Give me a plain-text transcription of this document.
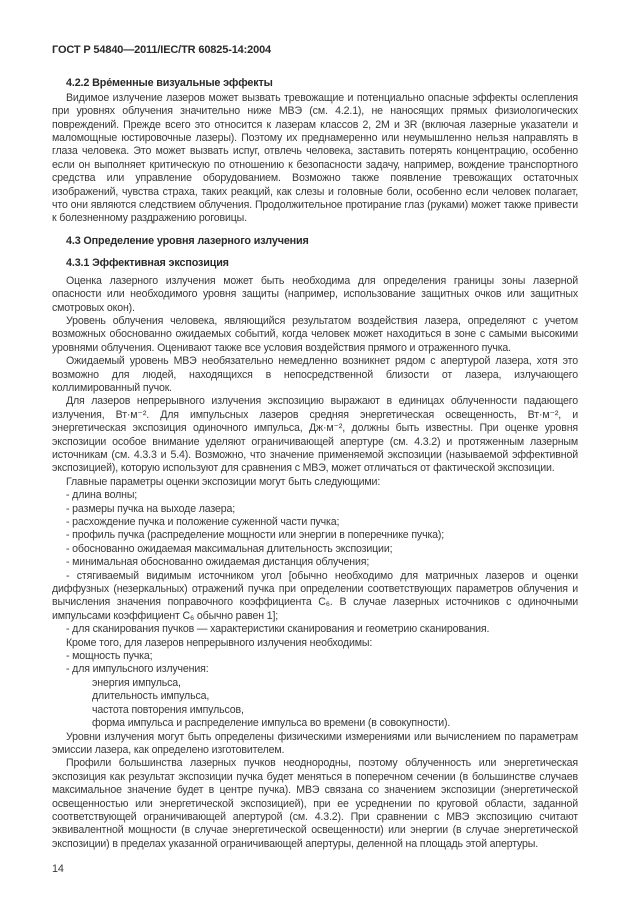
ГОСТ Р 54840—2011/IEC/TR 60825-14:2004
4.2.2 Вре́менные визуальные эффекты

Видимое излучение лазеров может вызвать тревожащие и потенциально опасные эффекты ослепления при уровнях облучения значительно ниже МВЭ (см. 4.2.1), не наносящих прямых физиологических повреждений. Прежде всего это относится к лазерам классов 2, 2М и 3R (включая лазерные указатели и маломощные юстировочные лазеры). Поэтому их преднамеренно или неумышленно нельзя направлять в глаза человека. Это может вызвать испуг, отвлечь человека, заставить потерять концентрацию, особенно если он выполняет критическую по отношению к безопасности задачу, например, вождение транспортного средства или управление оборудованием. Возможно также появление тревожащих остаточных изображений, чувства страха, таких реакций, как слезы и головные боли, особенно если человек полагает, что они являются следствием облучения. Продолжительное протирание глаз (руками) может также привести к болезненному раздражению роговицы.

4.3 Определение уровня лазерного излучения
4.3.1 Эффективная экспозиция

Оценка лазерного излучения может быть необходима для определения границы зоны лазерной опасности или необходимого уровня защиты (например, использование защитных очков или защитных смотровых окон).

Уровень облучения человека, являющийся результатом воздействия лазера, определяют с учетом возможных обоснованно ожидаемых событий, когда человек может находиться в зоне с самыми высокими уровнями облучения. Оценивают также все условия воздействия прямого и отраженного пучка.

Ожидаемый уровень МВЭ необязательно немедленно возникнет рядом с апертурой лазера, хотя это возможно для людей, находящихся в непосредственной близости от лазера, излучающего коллимированный пучок.

Для лазеров непрерывного излучения экспозицию выражают в единицах облученности падающего излучения, Вт·м⁻². Для импульсных лазеров средняя энергетическая освещенность, Вт·м⁻², и энергетическая экспозиция одиночного импульса, Дж·м⁻², должны быть известны. При оценке уровня экспозиции особое внимание уделяют ограничивающей апертуре (см. 4.3.2) и протяженным лазерным источникам (см. 4.3.3 и 5.4). Возможно, что значение применяемой экспозиции (называемой эффективной экспозицией), которую используют для сравнения с МВЭ, может отличаться от фактической экспозиции.

Главные параметры оценки экспозиции могут быть следующими:

- длина волны;

- размеры пучка на выходе лазера;

- расхождение пучка и положение суженной части пучка;

- профиль пучка (распределение мощности или энергии в поперечнике пучка);

- обоснованно ожидаемая максимальная длительность экспозиции;

- минимальная обоснованно ожидаемая дистанция облучения;

- стягиваемый видимым источником угол [обычно необходимо для матричных лазеров и оценки диффузных (незеркальных) отражений пучка при определении соответствующих параметров облучения и вычисления значения поправочного коэффициента С₆. В случае лазерных источников с одиночными импульсами коэффициент С₆ обычно равен 1];

- для сканирования пучков — характеристики сканирования и геометрию сканирования.

Кроме того, для лазеров непрерывного излучения необходимы:

- мощность пучка;

- для импульсного излучения:

энергия импульса,

длительность импульса,

частота повторения импульсов,

форма импульса и распределение импульса во времени (в совокупности).

Уровни излучения могут быть определены физическими измерениями или вычислением по параметрам эмиссии лазера, как определено изготовителем.

Профили большинства лазерных пучков неоднородны, поэтому облученность или энергетическая экспозиция как результат экспозиции пучка будет меняться в поперечном сечении (в большинстве случаев максимальное значение будет в центре пучка). МВЭ связана со значением экспозиции (энергетической освещенностью или энергетической экспозицией), при ее усреднении по круговой области, заданной соответствующей ограничивающей апертурой (см. 4.3.2). При сравнении с МВЭ экспозицию считают эквивалентной мощности (в случае энергетической освещенности) или энергии (в случае энергетической экспозиции) в пределах указанной ограничивающей апертуры, деленной на площадь этой апертуры.

14
